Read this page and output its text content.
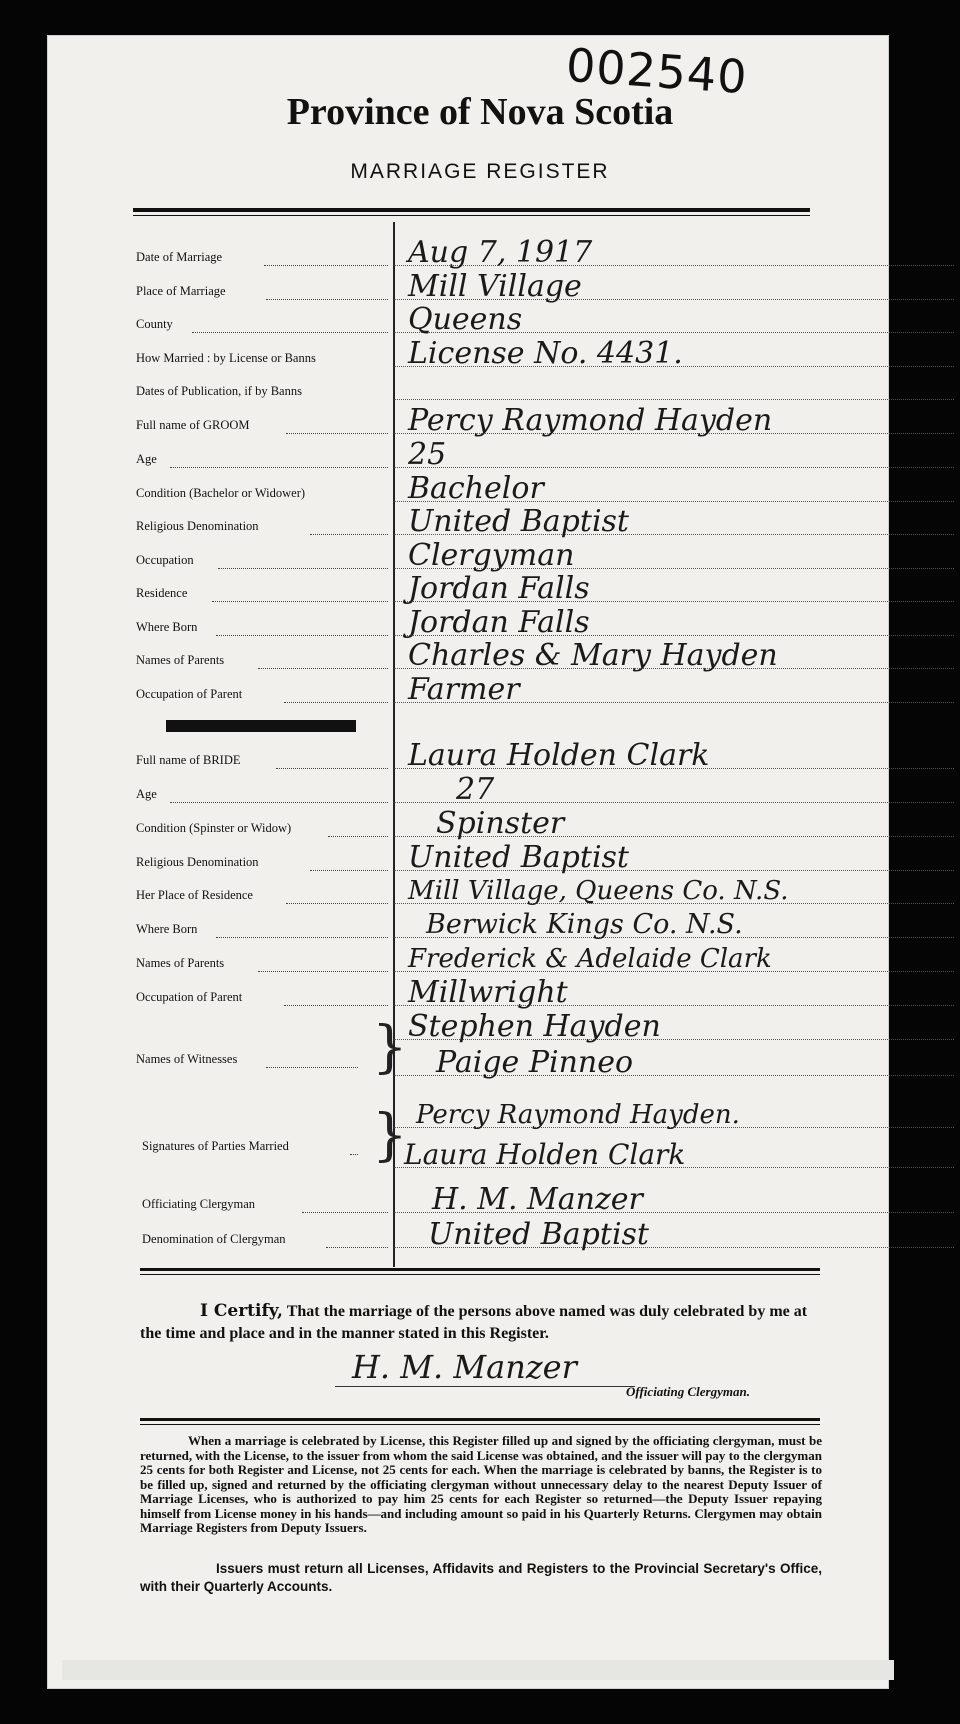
002540
Province of Nova Scotia
MARRIAGE REGISTER
Date of Marriage	Aug 7, 1917
Place of Marriage	Mill Village
County	Queens
How Married : by License or Banns	License No. 4431.
Dates of Publication, if by Banns
Full name of GROOM	Percy Raymond Hayden
Age	25
Condition (Bachelor or Widower)	Bachelor
Religious Denomination	United Baptist
Occupation	Clergyman
Residence	Jordan Falls
Where Born	Jordan Falls
Names of Parents	Charles & Mary Hayden
Occupation of Parent	Farmer
Full name of BRIDE	Laura Holden Clark
Age	27
Condition (Spinster or Widow)	Spinster
Religious Denomination	United Baptist
Her Place of Residence	Mill Village, Queens Co. N.S.
Where Born	Berwick Kings Co. N.S.
Names of Parents	Frederick & Adelaide Clark
Occupation of Parent	Millwright
Names of Witnesses } Stephen Hayden
Paige Pinneo
Signatures of Parties Married } Percy Raymond Hayden.
Laura Holden Clark
Officiating Clergyman	H. M. Manzer
Denomination of Clergyman	United Baptist
I Certify, That the marriage of the persons above named was duly celebrated by me at the time and place and in the manner stated in this Register.
H. M. Manzer
Officiating Clergyman.
When a marriage is celebrated by License, this Register filled up and signed by the officiating clergyman, must be returned, with the License, to the issuer from whom the said License was obtained, and the issuer will pay to the clergyman 25 cents for both Register and License, not 25 cents for each. When the marriage is celebrated by banns, the Register is to be filled up, signed and returned by the officiating clergyman without unnecessary delay to the nearest Deputy Issuer of Marriage Licenses, who is authorized to pay him 25 cents for each Register so returned—the Deputy Issuer repaying himself from License money in his hands—and including amount so paid in his Quarterly Returns. Clergymen may obtain Marriage Registers from Deputy Issuers.
Issuers must return all Licenses, Affidavits and Registers to the Provincial Secretary's Office, with their Quarterly Accounts.
